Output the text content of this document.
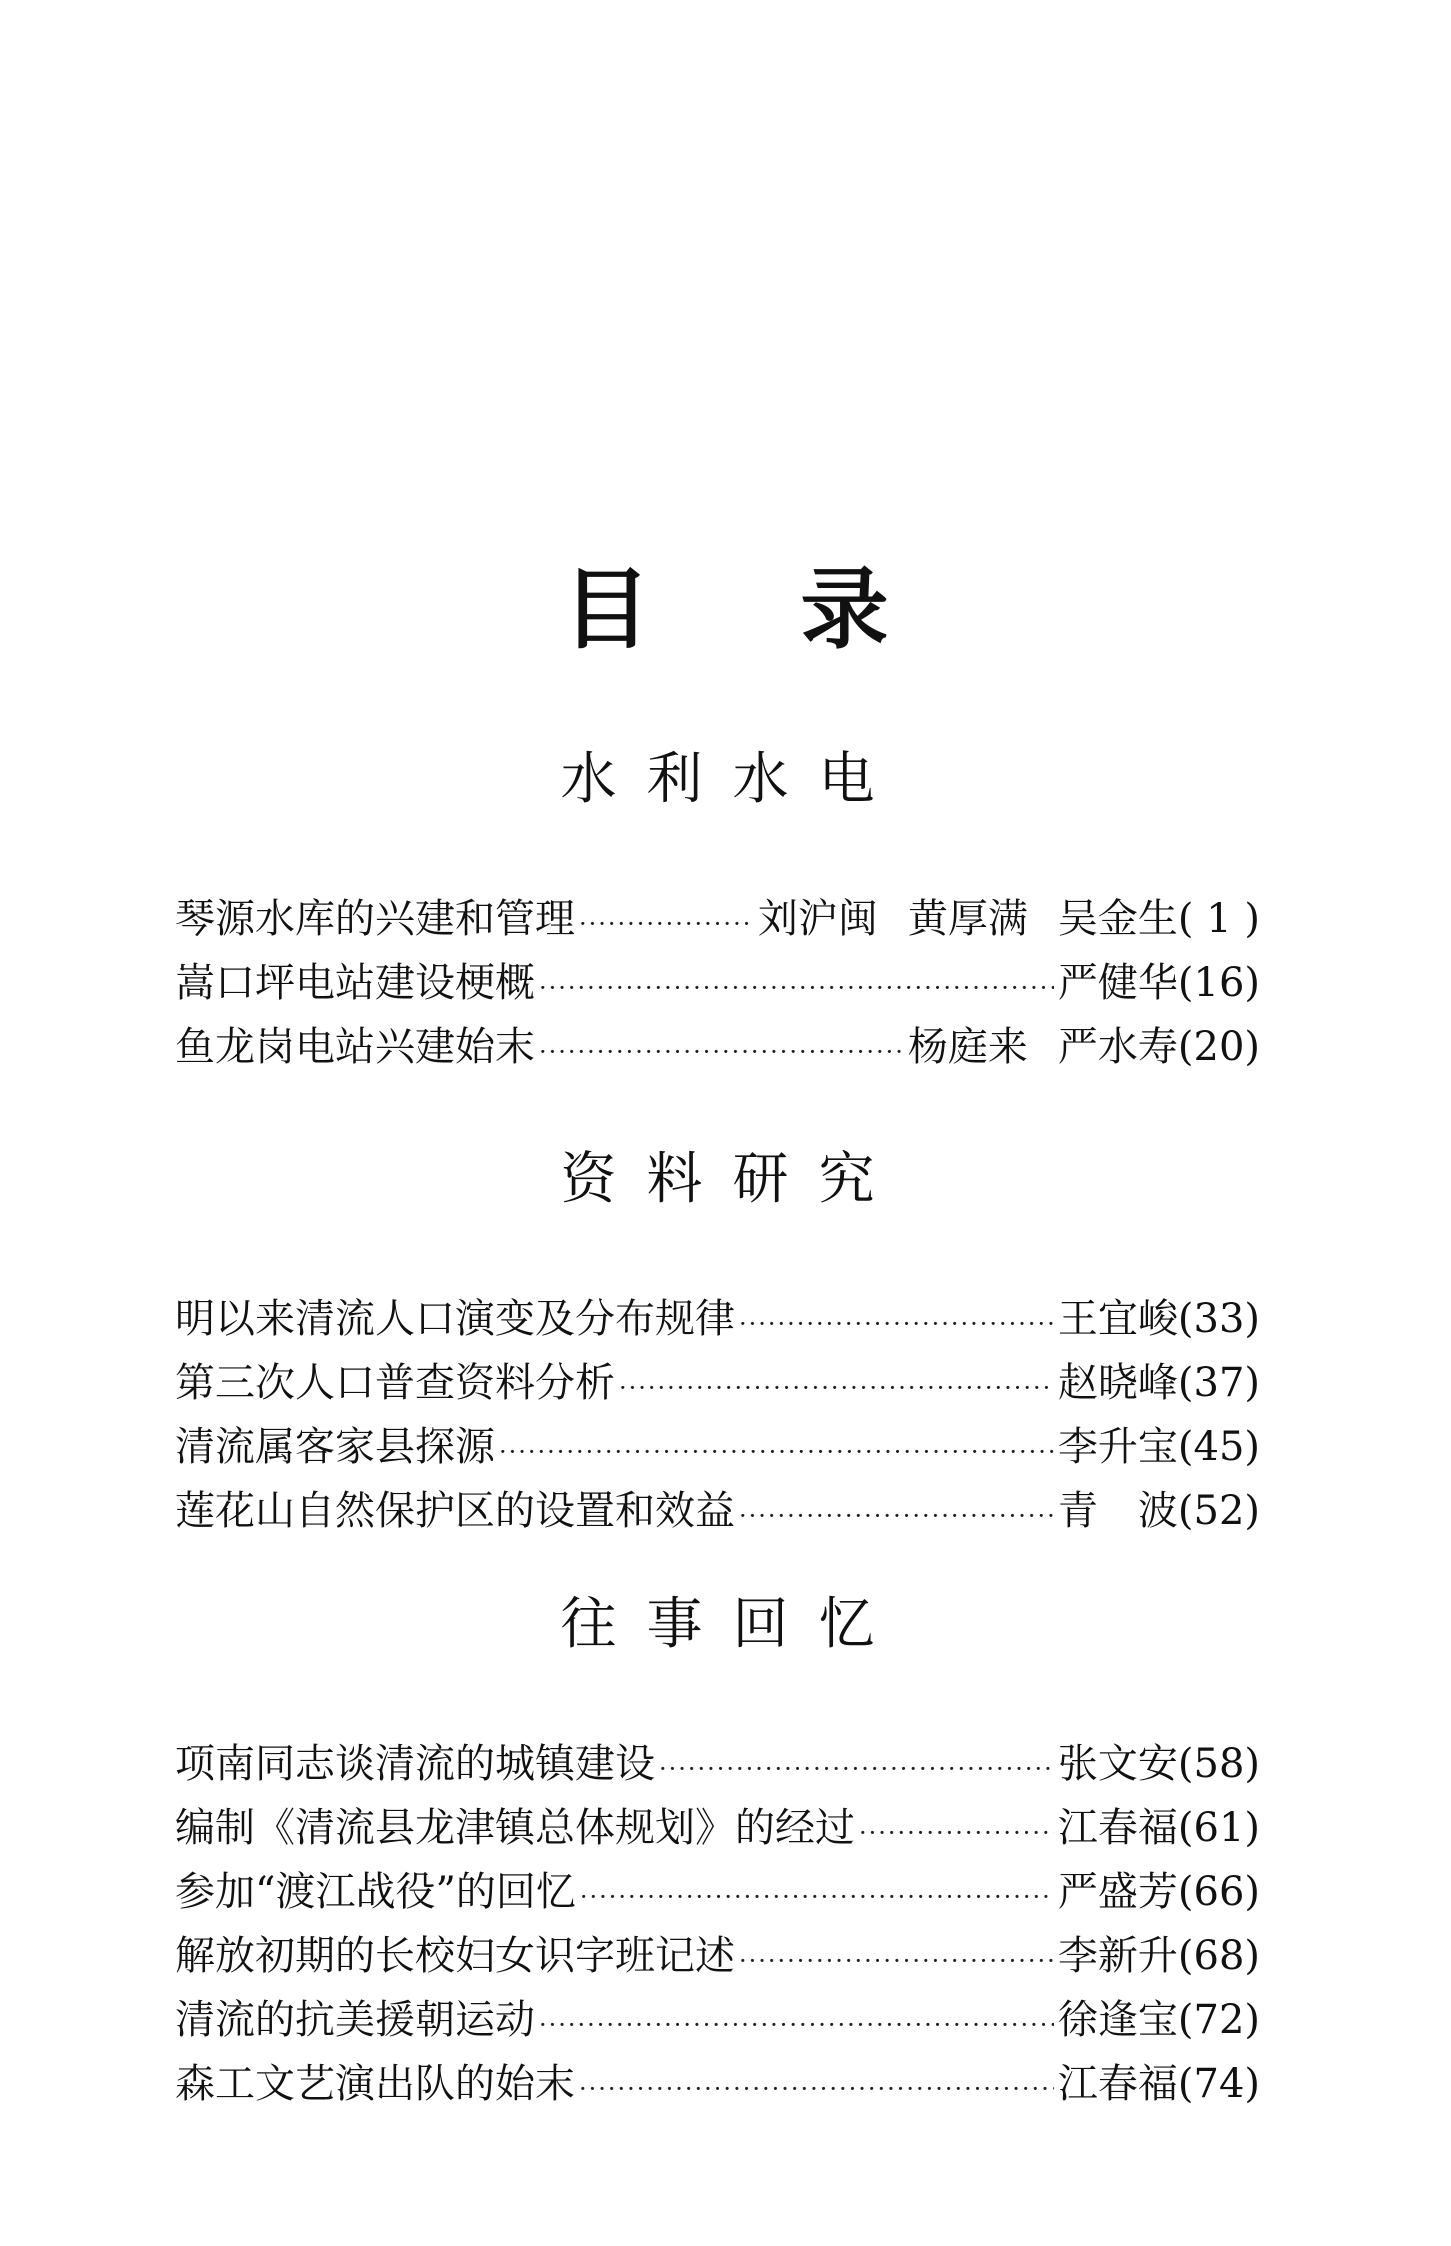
目 录
水利水电
琴源水库的兴建和管理 ·····	刘沪闽 黄厚满 吴金生 ( 1 )
嵩口坪电站建设梗概 ·····	严健华 (16)
鱼龙岗电站兴建始末 ·····	杨庭来 严水寿 (20)
资料研究
明以来清流人口演变及分布规律 ·····	王宜峻 (33)
第三次人口普查资料分析 ·····	赵晓峰 (37)
清流属客家县探源 ·····	李升宝 (45)
莲花山自然保护区的设置和效益 ·····	青　波 (52)
往事回忆
项南同志谈清流的城镇建设 ·····	张文安 (58)
编制《清流县龙津镇总体规划》的经过 ·····	江春福 (61)
参加“渡江战役”的回忆 ·····	严盛芳 (66)
解放初期的长校妇女识字班记述 ·····	李新升 (68)
清流的抗美援朝运动 ·····	徐逢宝 (72)
森工文艺演出队的始末 ·····	江春福 (74)
